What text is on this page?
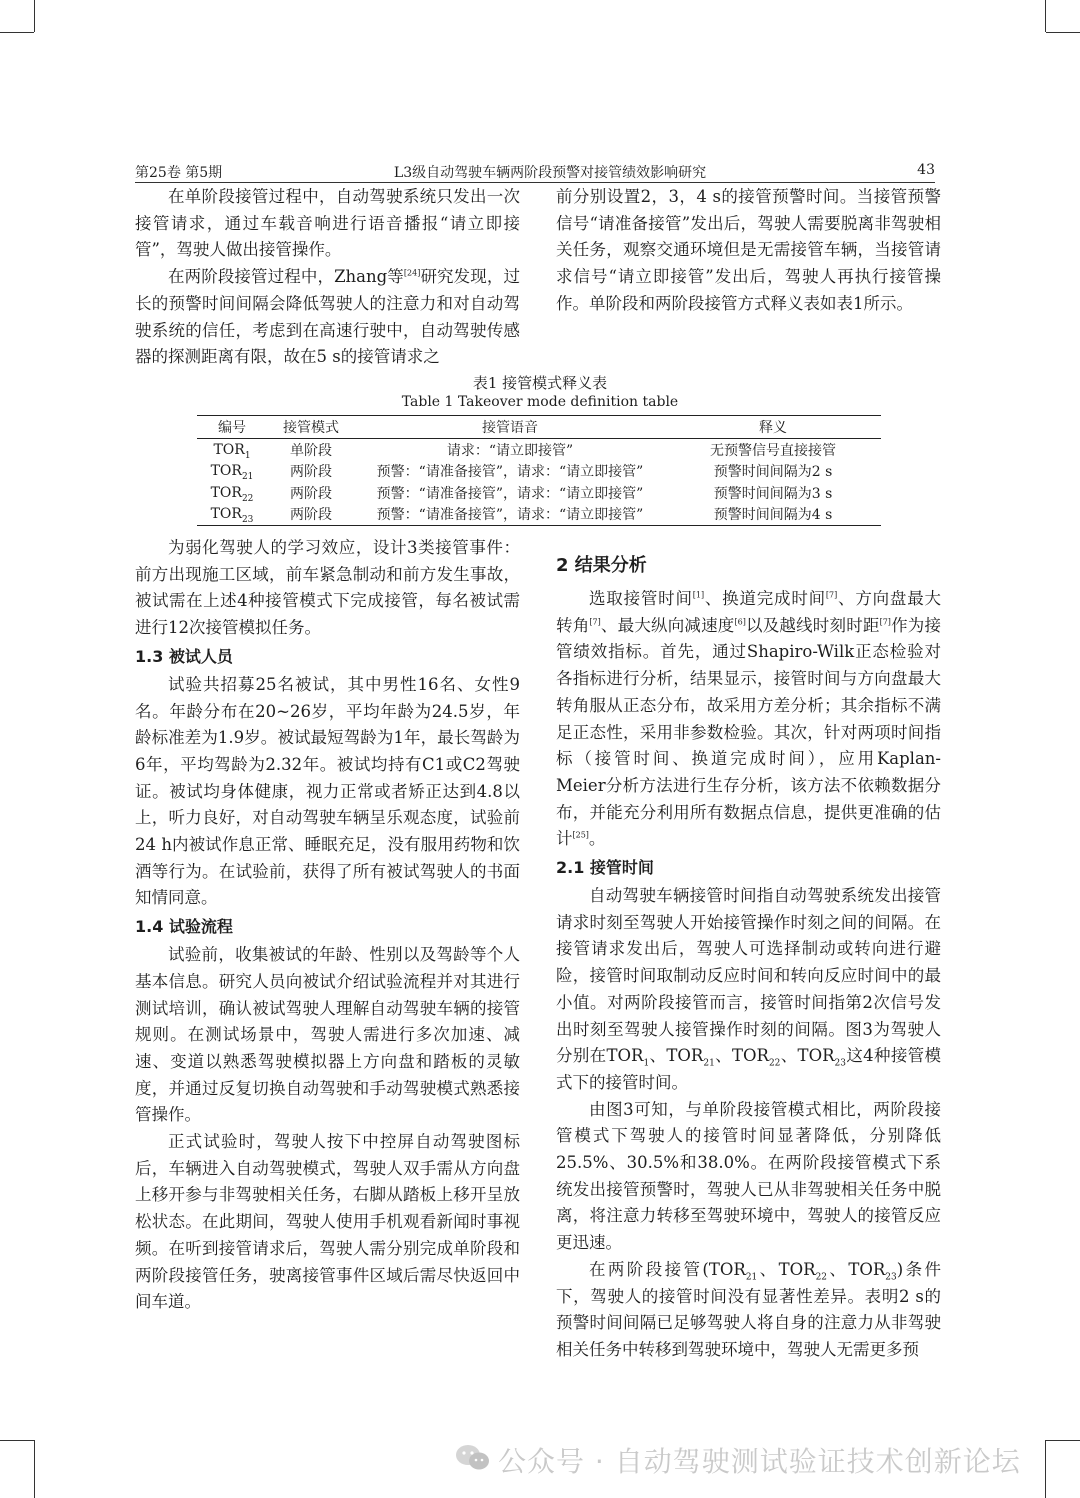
第25卷 第5期	L3级自动驾驶车辆两阶段预警对接管绩效影响研究	43

在单阶段接管过程中，自动驾驶系统只发出一次接管请求，通过车载音响进行语音播报“请立即接管”，驾驶人做出接管操作。

在两阶段接管过程中，Zhang等[24]研究发现，过长的预警时间间隔会降低驾驶人的注意力和对自动驾驶系统的信任，考虑到在高速行驶中，自动驾驶传感器的探测距离有限，故在5 s的接管请求之

前分别设置2，3，4 s的接管预警时间。当接管预警信号“请准备接管”发出后，驾驶人需要脱离非驾驶相关任务，观察交通环境但是无需接管车辆，当接管请求信号“请立即接管”发出后，驾驶人再执行接管操作。单阶段和两阶段接管方式释义表如表1所示。

表1 接管模式释义表
Table 1 Takeover mode definition table
编号	接管模式	接管语音	释义
$TOR_1$	单阶段	请求：“请立即接管”	无预警信号直接接管
$TOR_{21}$	两阶段	预警：“请准备接管”，请求：“请立即接管”	预警时间间隔为2 s
$TOR_{22}$	两阶段	预警：“请准备接管”，请求：“请立即接管”	预警时间间隔为3 s
$TOR_{23}$	两阶段	预警：“请准备接管”，请求：“请立即接管”	预警时间间隔为4 s

为弱化驾驶人的学习效应，设计3类接管事件：前方出现施工区域，前车紧急制动和前方发生事故，被试需在上述4种接管模式下完成接管，每名被试需进行12次接管模拟任务。

1.3 被试人员

试验共招募25名被试，其中男性16名、女性9名。年龄分布在20~26岁，平均年龄为24.5岁，年龄标准差为1.9岁。被试最短驾龄为1年，最长驾龄为6年，平均驾龄为2.32年。被试均持有C1或C2驾驶证。被试均身体健康，视力正常或者矫正达到4.8以上，听力良好，对自动驾驶车辆呈乐观态度，试验前24 h内被试作息正常、睡眠充足，没有服用药物和饮酒等行为。在试验前，获得了所有被试驾驶人的书面知情同意。

1.4 试验流程

试验前，收集被试的年龄、性别以及驾龄等个人基本信息。研究人员向被试介绍试验流程并对其进行测试培训，确认被试驾驶人理解自动驾驶车辆的接管规则。在测试场景中，驾驶人需进行多次加速、减速、变道以熟悉驾驶模拟器上方向盘和踏板的灵敏度，并通过反复切换自动驾驶和手动驾驶模式熟悉接管操作。

正式试验时，驾驶人按下中控屏自动驾驶图标后，车辆进入自动驾驶模式，驾驶人双手需从方向盘上移开参与非驾驶相关任务，右脚从踏板上移开呈放松状态。在此期间，驾驶人使用手机观看新闻时事视频。在听到接管请求后，驾驶人需分别完成单阶段和两阶段接管任务，驶离接管事件区域后需尽快返回中间车道。

2 结果分析

选取接管时间[1]、换道完成时间[7]、方向盘最大转角[7]、最大纵向减速度[6]以及越线时刻时距[7]作为接管绩效指标。首先，通过Shapiro-Wilk正态检验对各指标进行分析，结果显示，接管时间与方向盘最大转角服从正态分布，故采用方差分析；其余指标不满足正态性，采用非参数检验。其次，针对两项时间指标（接管时间、换道完成时间），应用Kaplan-Meier分析方法进行生存分析，该方法不依赖数据分布，并能充分利用所有数据点信息，提供更准确的估计[25]。

2.1 接管时间

自动驾驶车辆接管时间指自动驾驶系统发出接管请求时刻至驾驶人开始接管操作时刻之间的间隔。在接管请求发出后，驾驶人可选择制动或转向进行避险，接管时间取制动反应时间和转向反应时间中的最小值。对两阶段接管而言，接管时间指第2次信号发出时刻至驾驶人接管操作时刻的间隔。图3为驾驶人分别在$TOR_1$、$TOR_{21}$、$TOR_{22}$、$TOR_{23}$这4种接管模式下的接管时间。

由图3可知，与单阶段接管模式相比，两阶段接管模式下驾驶人的接管时间显著降低，分别降低25.5%、30.5%和38.0%。在两阶段接管模式下系统发出接管预警时，驾驶人已从非驾驶相关任务中脱离，将注意力转移至驾驶环境中，驾驶人的接管反应更迅速。

在两阶段接管($TOR_{21}$、$TOR_{22}$、$TOR_{23}$)条件下，驾驶人的接管时间没有显著性差异。表明2 s的预警时间间隔已足够驾驶人将自身的注意力从非驾驶相关任务中转移到驾驶环境中，驾驶人无需更多预

公众号 · 自动驾驶测试验证技术创新论坛
